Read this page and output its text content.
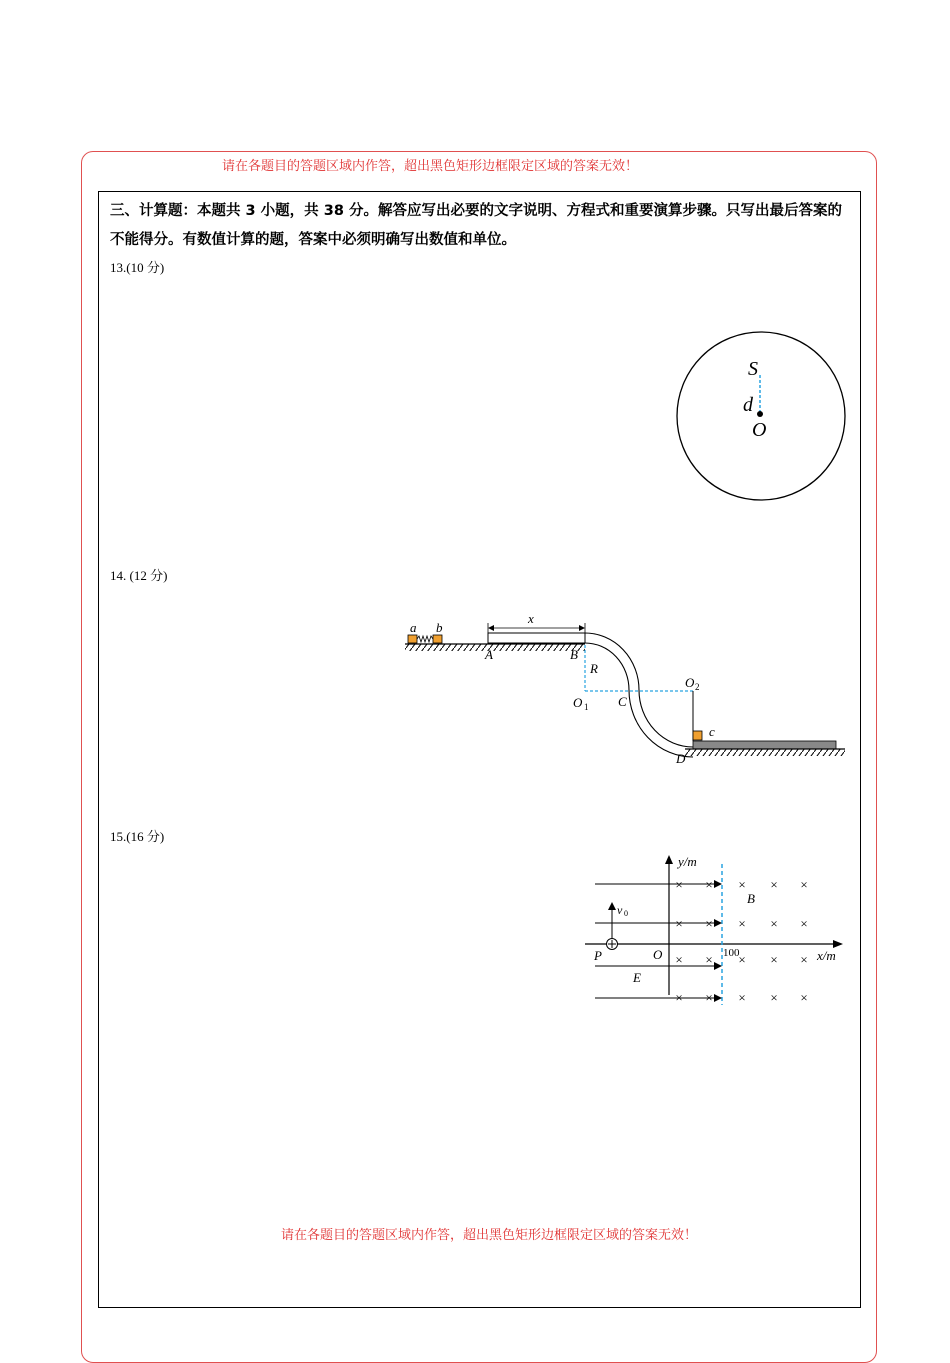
请在各题目的答题区域内作答，超出黑色矩形边框限定区域的答案无效！
三、计算题：本题共 3 小题，共 38 分。解答应写出必要的文字说明、方程式和重要演算步骤。只写出最后答案的不能得分。有数值计算的题，答案中必须明确写出数值和单位。
13.(10 分)
14. (12 分)
15.(16 分)
S
d
O
a b
x
A	B
R
O 1 C
O 2
c
D
y/m
x/m
100
E
O
v 0
P
B
× × × × ×
× × × × ×
× × × × ×
× × × × ×
请在各题目的答题区域内作答，超出黑色矩形边框限定区域的答案无效！
